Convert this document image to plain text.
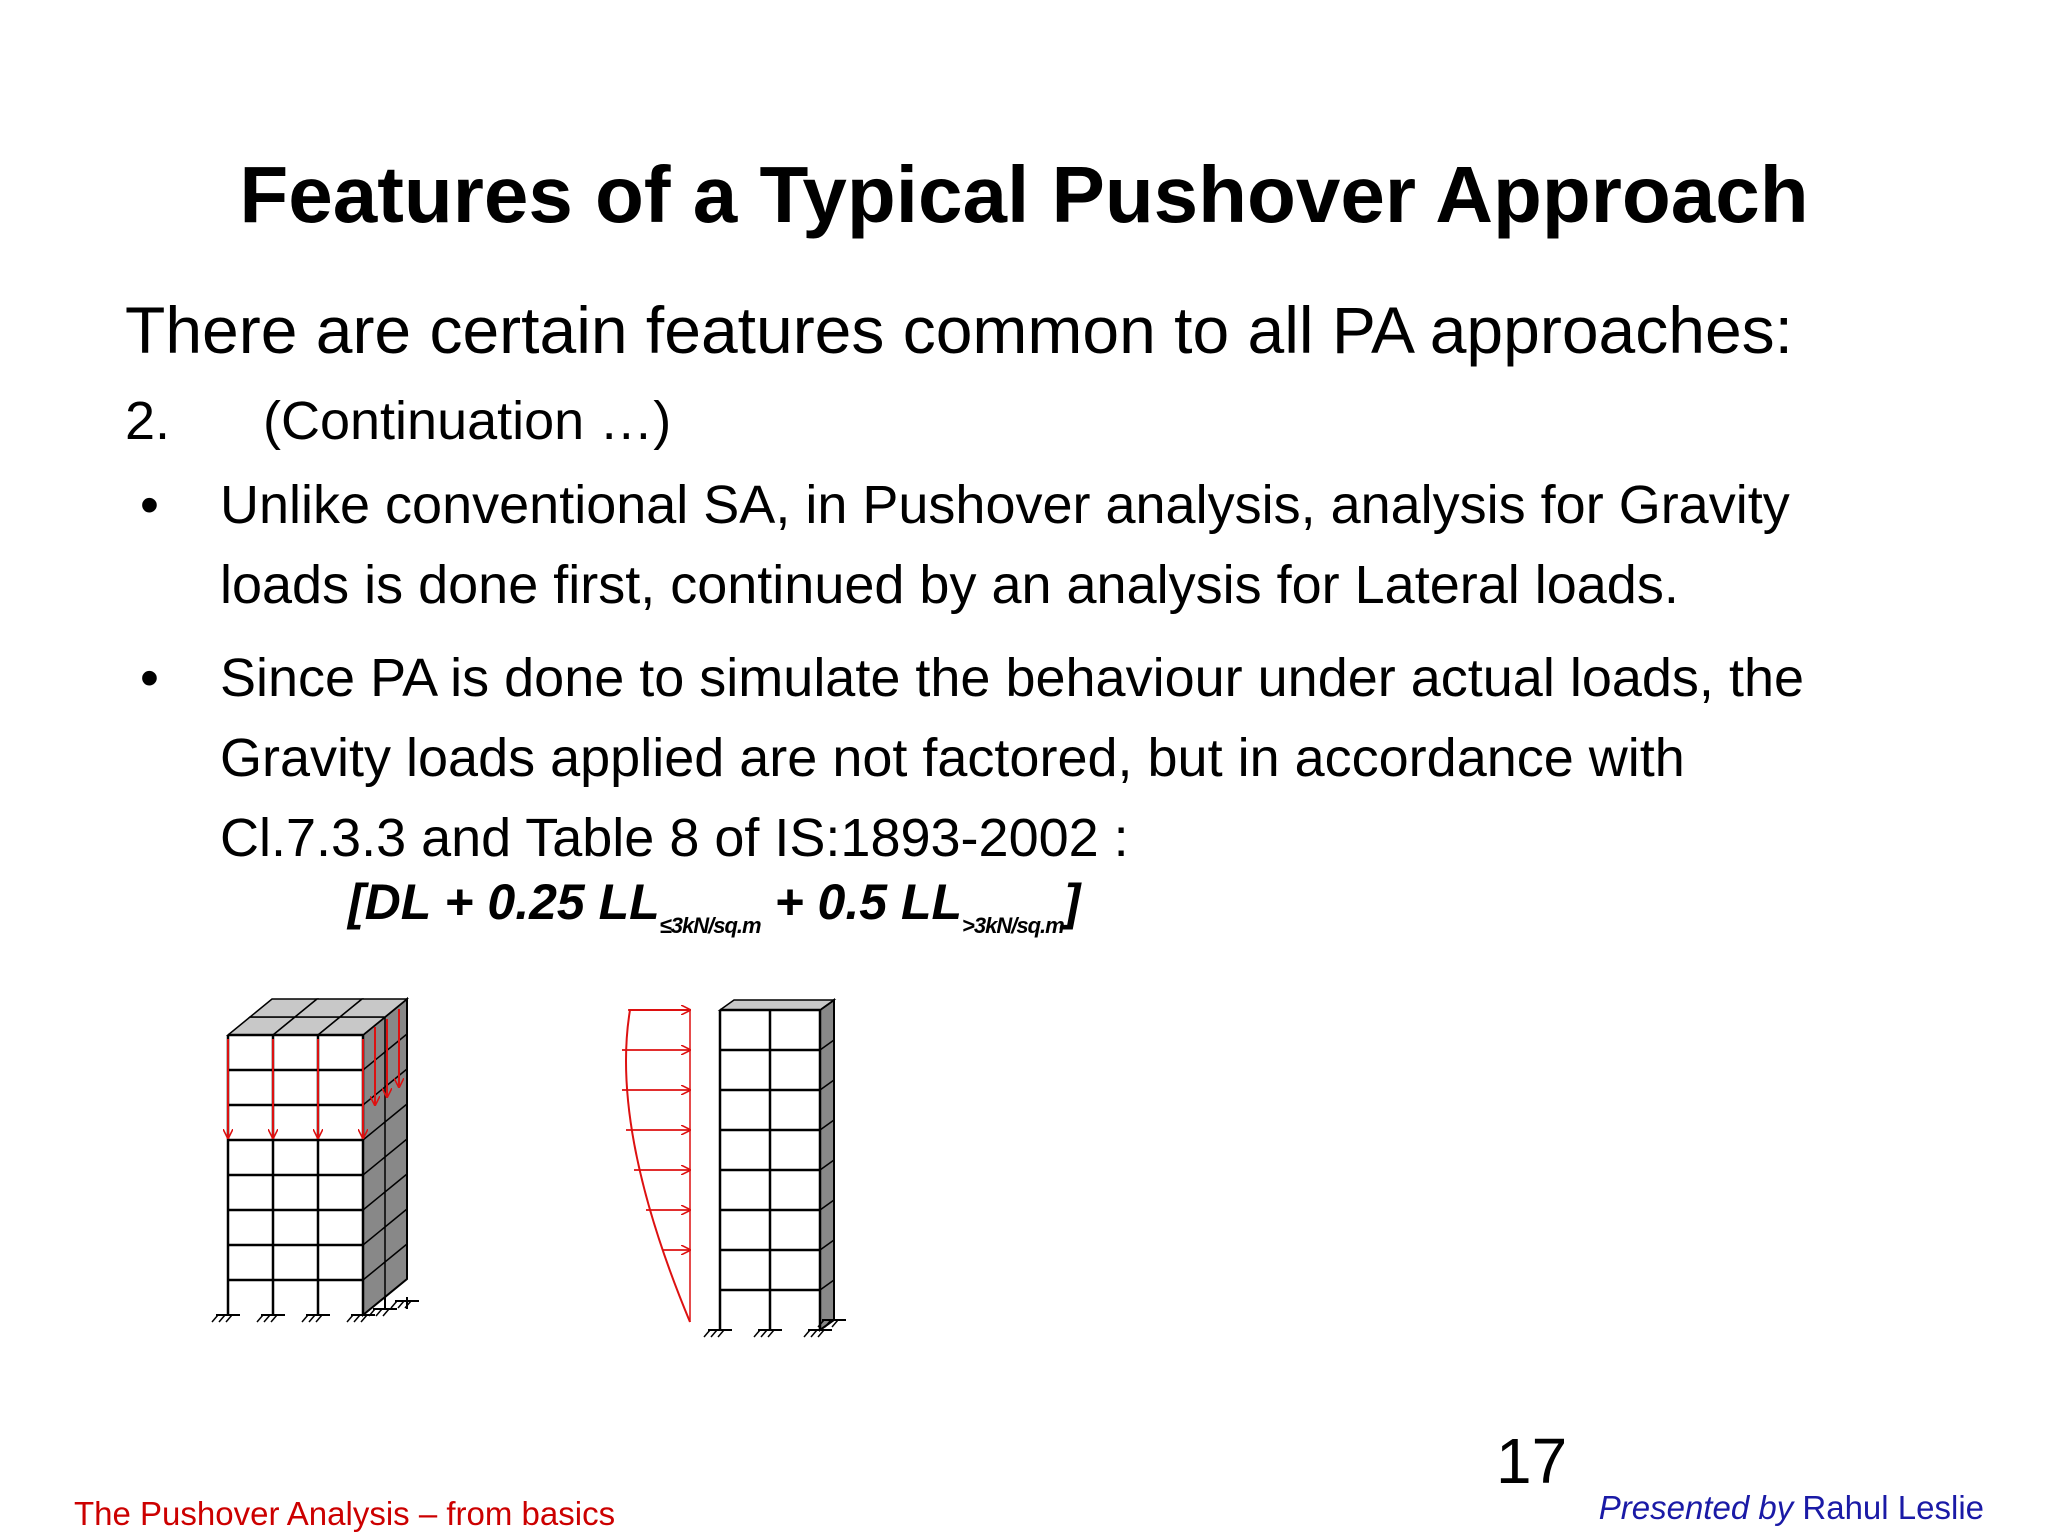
Features of a Typical Pushover Approach
There are certain features common to all PA approaches:
2. (Continuation …)
•	Unlike conventional SA, in Pushover analysis, analysis for Gravity
loads is done first, continued by an analysis for Lateral loads.
•	Since PA is done to simulate the behaviour under actual loads, the
Gravity loads applied are not factored, but in accordance with
Cl.7.3.3 and Table 8 of IS:1893-2002 :
[DL + 0.25 $LL_{\le 3kN/sq.m} + 0.5$ $LL_{>3kN/sq.m}$]
17
The Pushover Analysis – from basics	Presented by Rahul Leslie
